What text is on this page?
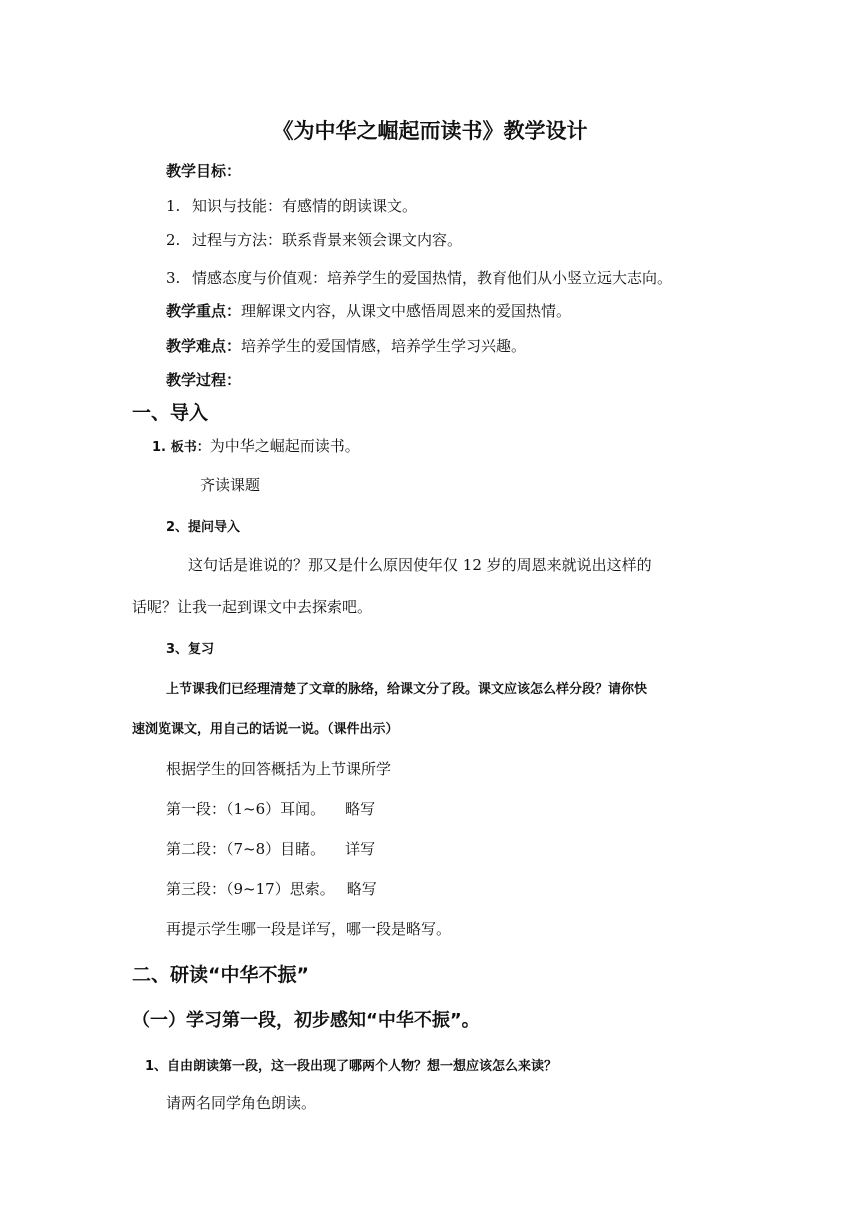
《为中华之崛起而读书》教学设计
教学目标：
1. 知识与技能：有感情的朗读课文。
2. 过程与方法：联系背景来领会课文内容。
3. 情感态度与价值观：培养学生的爱国热情，教育他们从小竖立远大志向。
教学重点：理解课文内容，从课文中感悟周恩来的爱国热情。
教学难点：培养学生的爱国情感，培养学生学习兴趣。
教学过程：
一、导入
1. 板书：为中华之崛起而读书。
齐读课题
2、提问导入
这句话是谁说的？那又是什么原因使年仅 12 岁的周恩来就说出这样的
话呢？让我一起到课文中去探索吧。
3、复习
上节课我们已经理清楚了文章的脉络，给课文分了段。课文应该怎么样分段？请你快
速浏览课文，用自己的话说一说。（课件出示）
根据学生的回答概括为上节课所学
第一段：（1~6）耳闻。 略写
第二段：（7~8）目睹。 详写
第三段：（9~17）思索。 略写
再提示学生哪一段是详写，哪一段是略写。
二、研读“中华不振”
（一）学习第一段，初步感知“中华不振”。
1、自由朗读第一段，这一段出现了哪两个人物？想一想应该怎么来读？
请两名同学角色朗读。
